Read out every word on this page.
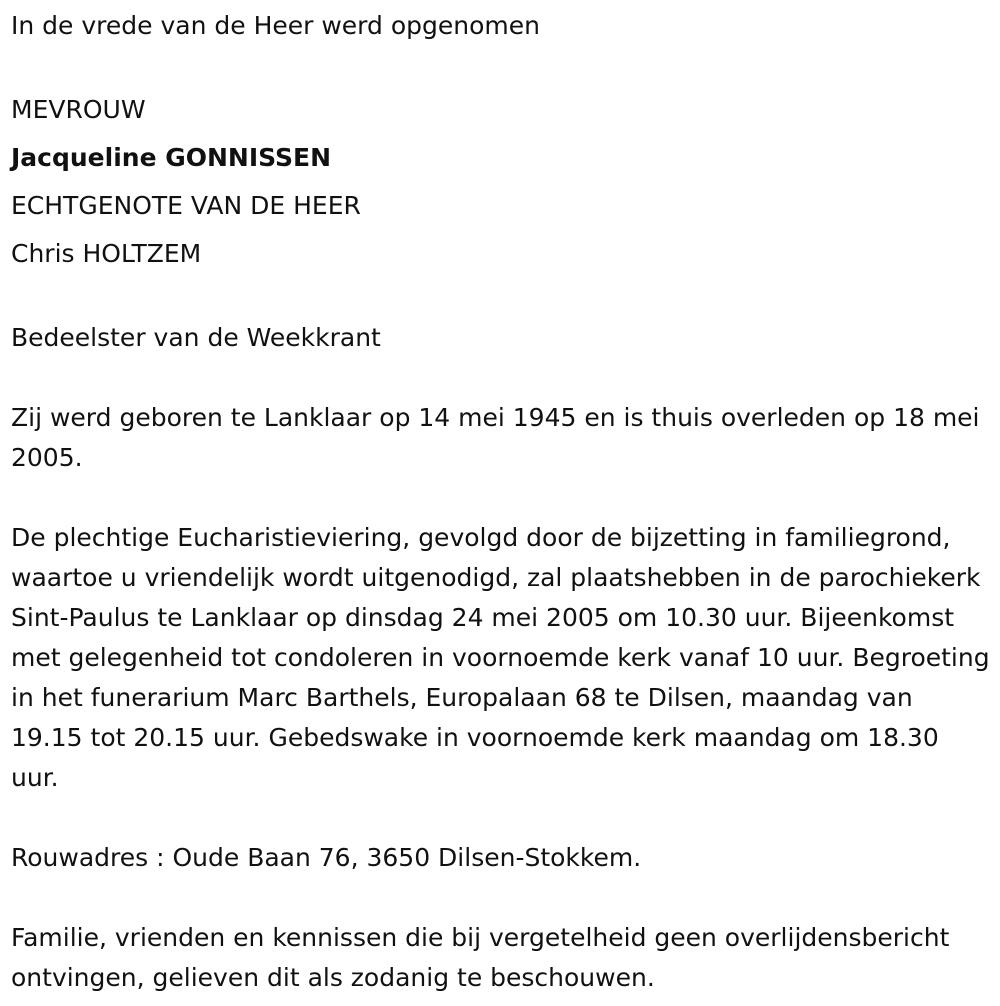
In de vrede van de Heer werd opgenomen

MEVROUW

Jacqueline GONNISSEN

ECHTGENOTE VAN DE HEER

Chris HOLTZEM

Bedeelster van de Weekkrant

Zij werd geboren te Lanklaar op 14 mei 1945 en is thuis overleden op 18 mei 2005.

De plechtige Eucharistieviering, gevolgd door de bijzetting in familiegrond, waartoe u vriendelijk wordt uitgenodigd, zal plaatshebben in de parochiekerk Sint-Paulus te Lanklaar op dinsdag 24 mei 2005 om 10.30 uur. Bijeenkomst met gelegenheid tot condoleren in voornoemde kerk vanaf 10 uur. Begroeting in het funerarium Marc Barthels, Europalaan 68 te Dilsen, maandag van 19.15 tot 20.15 uur. Gebedswake in voornoemde kerk maandag om 18.30 uur.

Rouwadres : Oude Baan 76, 3650 Dilsen-Stokkem.

Familie, vrienden en kennissen die bij vergetelheid geen overlijdensbericht ontvingen, gelieven dit als zodanig te beschouwen.
